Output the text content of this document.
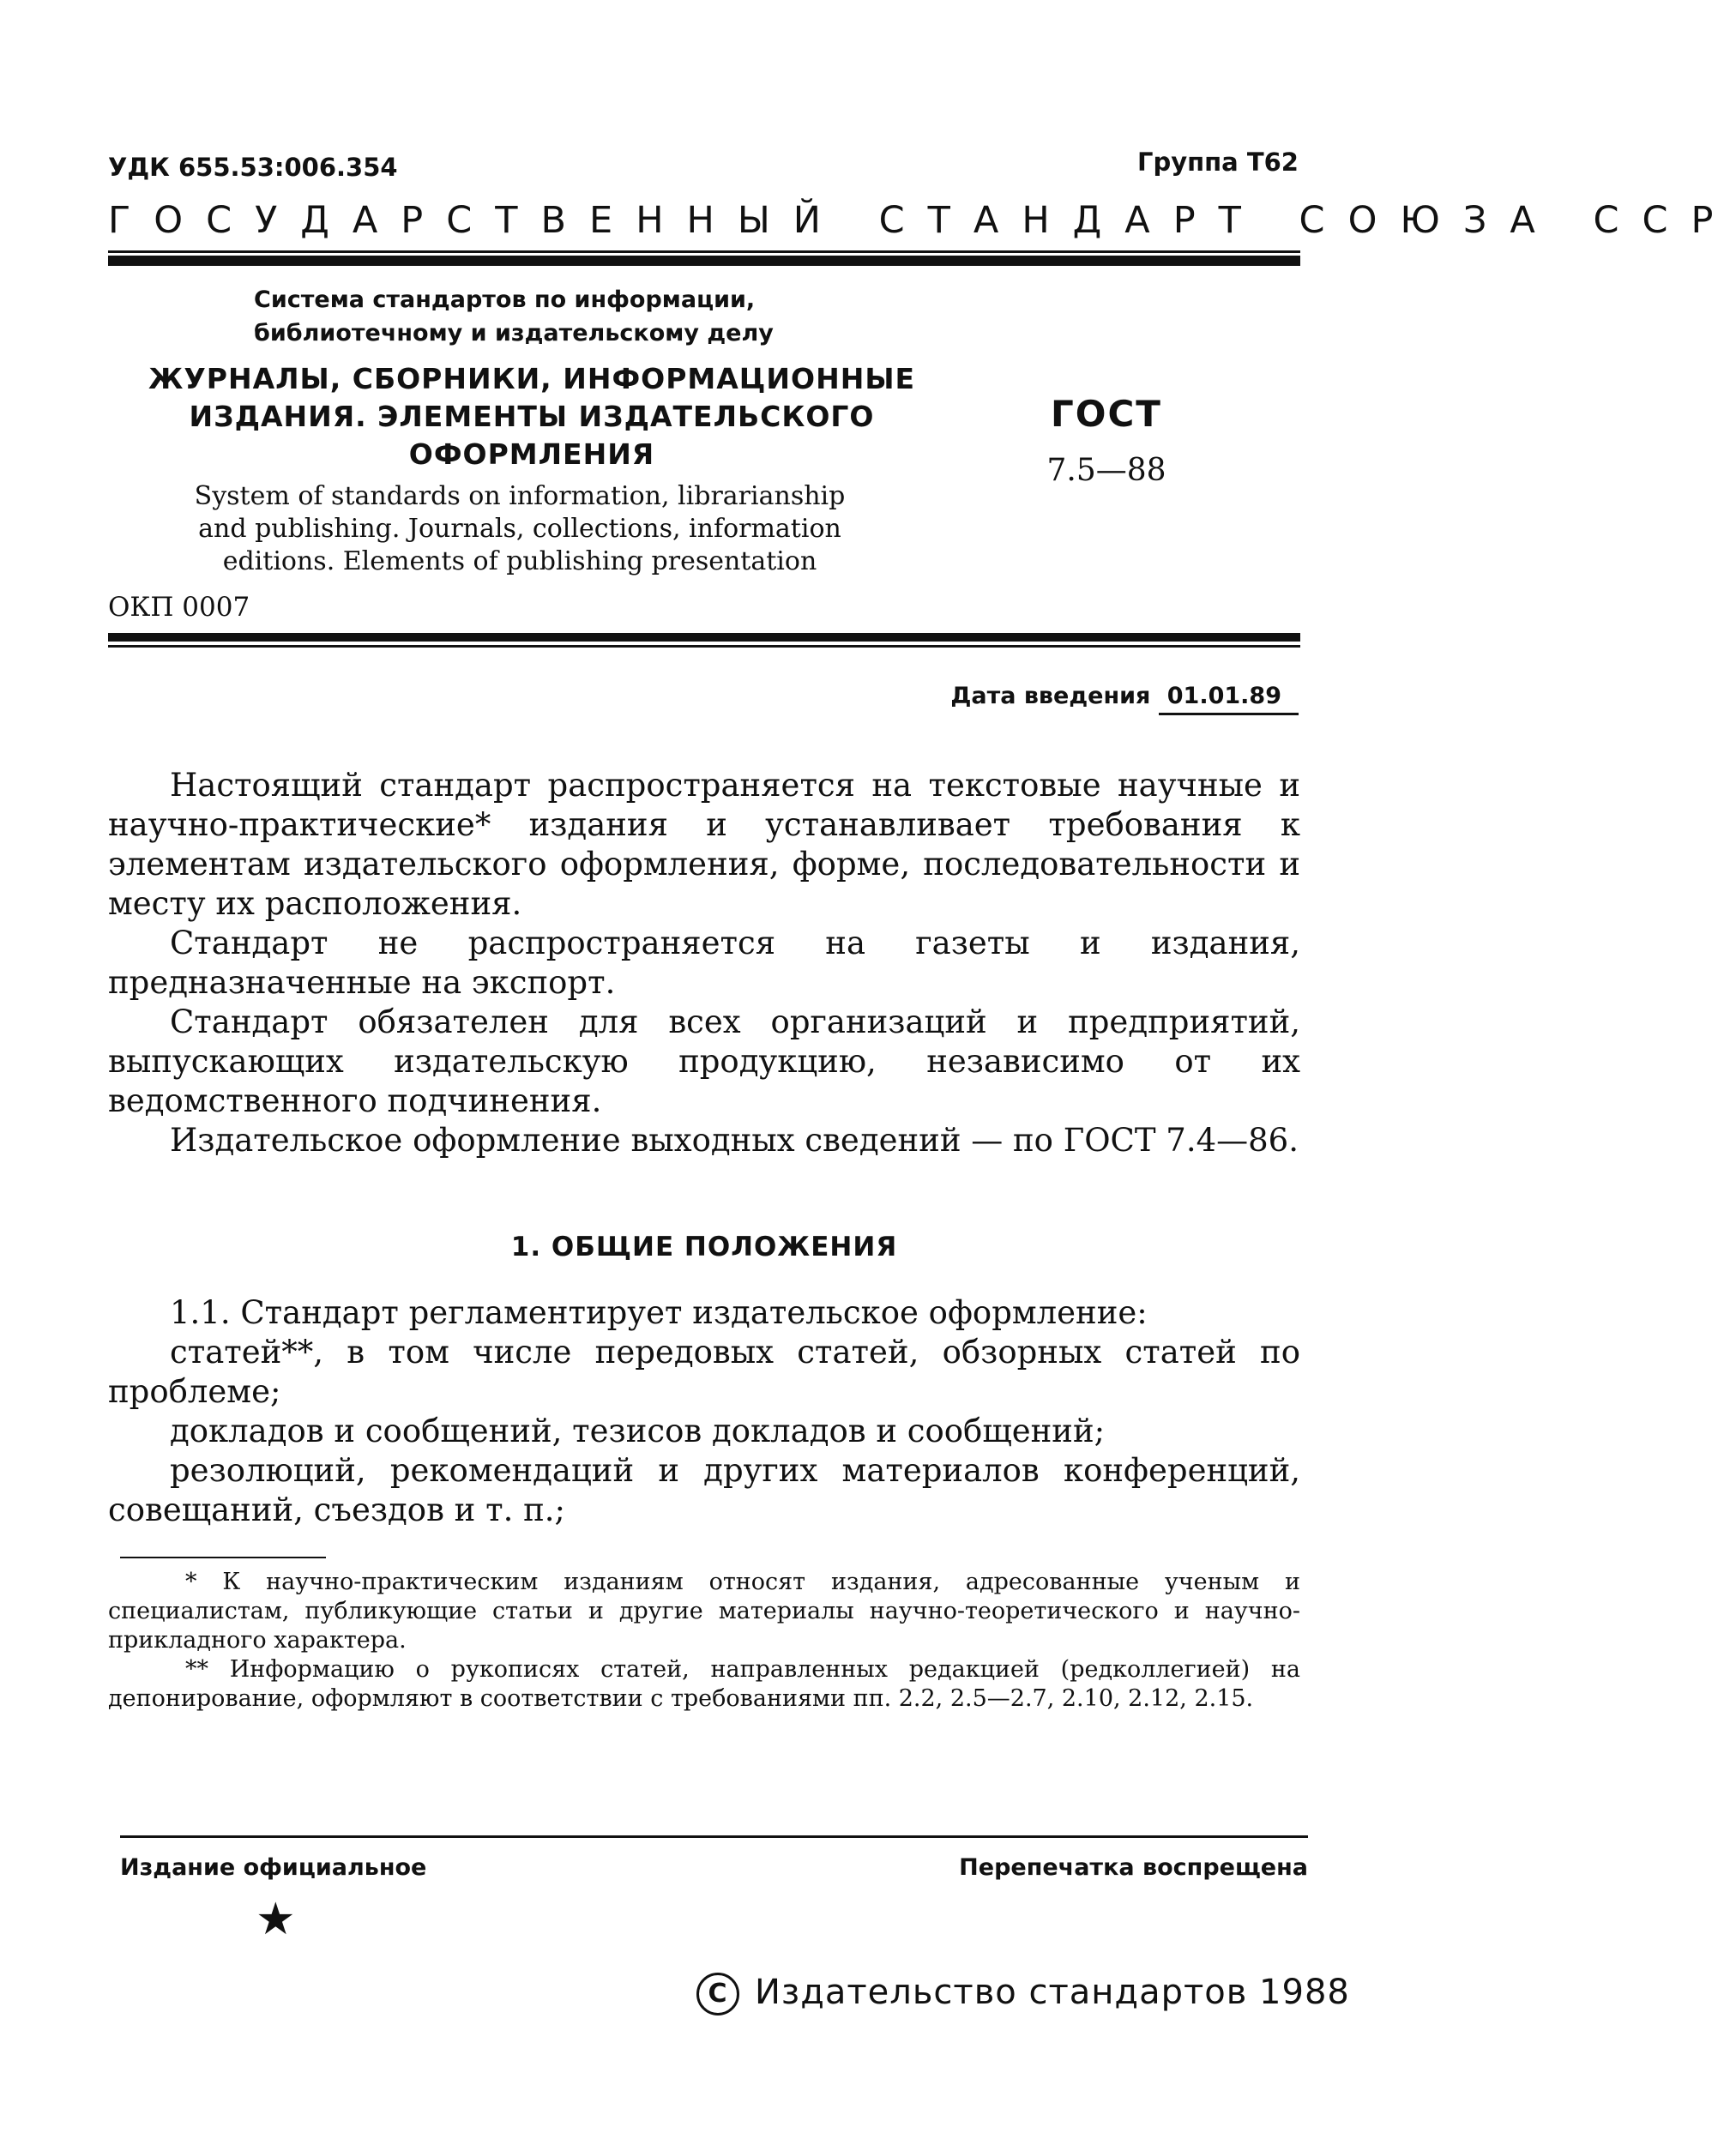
УДК 655.53:006.354	Группа Т62
ГОСУДАРСТВЕННЫЙ СТАНДАРТ СОЮЗА ССР
Система стандартов по информации,
библиотечному и издательскому делу
ЖУРНАЛЫ, СБОРНИКИ, ИНФОРМАЦИОННЫЕ
ИЗДАНИЯ. ЭЛЕМЕНТЫ ИЗДАТЕЛЬСКОГО
ОФОРМЛЕНИЯ
System of standards on information, librarianship
and publishing. Journals, collections, information
editions. Elements of publishing presentation
ОКП 0007
ГОСТ
7.5—88
Дата введения 01.01.89

Настоящий стандарт распространяется на текстовые научные и научно-практические* издания и устанавливает требования к элементам издательского оформления, форме, последовательности и месту их расположения.

Стандарт не распространяется на газеты и издания, предназначенные на экспорт.

Стандарт обязателен для всех организаций и предприятий, выпускающих издательскую продукцию, независимо от их ведомственного подчинения.

Издательское оформление выходных сведений — по ГОСТ 7.4—86.

1. ОБЩИЕ ПОЛОЖЕНИЯ

1.1. Стандарт регламентирует издательское оформление:

статей**, в том числе передовых статей, обзорных статей по проблеме;

докладов и сообщений, тезисов докладов и сообщений;

резолюций, рекомендаций и других материалов конференций, совещаний, съездов и т. п.;

* К научно-практическим изданиям относят издания, адресованные ученым и специалистам, публикующие статьи и другие материалы научно-теоретического и научно-прикладного характера.

** Информацию о рукописях статей, направленных редакцией (редколлегией) на депонирование, оформляют в соответствии с требованиями пп. 2.2, 2.5—2.7, 2.10, 2.12, 2.15.

Издание официальное	Перепечатка воспрещена
★
С Издательство стандартов 1988
